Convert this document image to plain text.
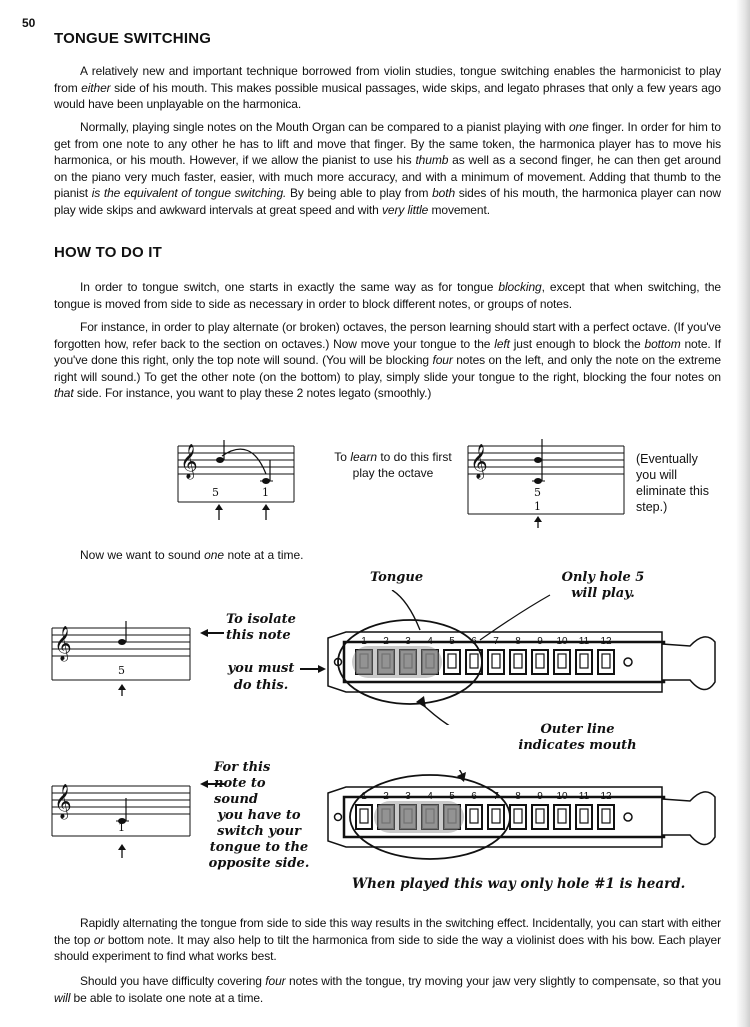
50
TONGUE SWITCHING

A relatively new and important technique borrowed from violin studies, tongue switching enables the harmonicist to play from either side of his mouth. This makes possible musical passages, wide skips, and legato phrases that only a few years ago would have been unplayable on the harmonica.

Normally, playing single notes on the Mouth Organ can be compared to a pianist playing with one finger. In order for him to get from one note to any other he has to lift and move that finger. By the same token, the harmonica player has to move his harmonica, or his mouth. However, if we allow the pianist to use his thumb as well as a second finger, he can then get around on the piano very much faster, easier, with much more accuracy, and with a minimum of movement. Adding that thumb to the pianist is the equivalent of tongue switching. By being able to play from both sides of his mouth, the harmonica player can now play wide skips and awkward intervals at great speed and with very little movement.

HOW TO DO IT

In order to tongue switch, one starts in exactly the same way as for tongue blocking, except that when switching, the tongue is moved from side to side as necessary in order to block different notes, or groups of notes.

For instance, in order to play alternate (or broken) octaves, the person learning should start with a perfect octave. (If you've forgotten how, refer back to the section on octaves.) Now move your tongue to the left just enough to block the bottom note. If you've done this right, only the top note will sound. (You will be blocking four notes on the left, and only the note on the extreme right will sound.) To get the other note (on the bottom) to play, simply slide your tongue to the right, blocking the four notes on that side. For instance, you want to play these 2 notes legato (smoothly.)

𝄞
5	1
To learn to do this first play the octave	𝄞
5
1
(Eventually you will eliminate this step.)
Now we want to sound one note at a time.
Tongue	Only hole 5 will play.
𝄞
5
To isolate this note
you must do this.
1 2 3 4 5 6 7 8 9 10 11 12
Outer line indicates mouth
𝄞
1
For this note to sound
you have to switch your tongue to the opposite side.
1 2 3 4 5 6 7 8 9 10 11 12
When played this way only hole #1 is heard.

Rapidly alternating the tongue from side to side this way results in the switching effect. Incidentally, you can start with either the top or bottom note. It may also help to tilt the harmonica from side to side the way a violinist does with his bow. Each player should experiment to find what works best.

Should you have difficulty covering four notes with the tongue, try moving your jaw very slightly to compensate, so that you will be able to isolate one note at a time.
